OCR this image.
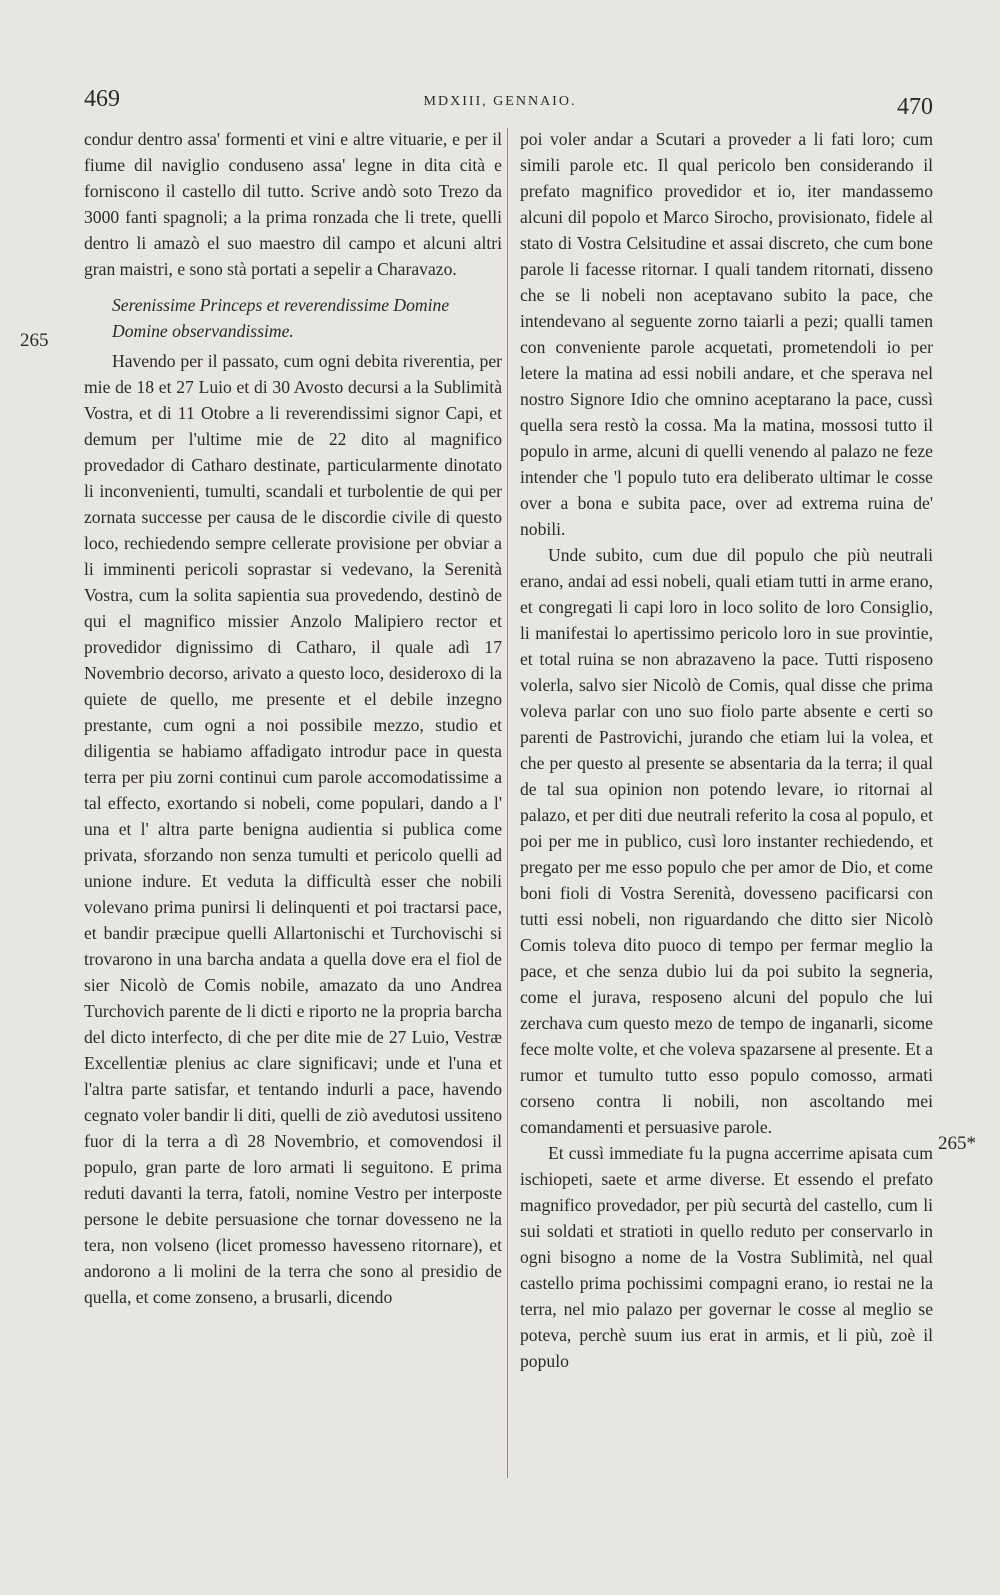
469	MDXIII, GENNAIO.	470
265
265*

condur dentro assa' formenti et vini e altre vituarie, e per il fiume dil naviglio conduseno assa' legne in dita cità e forniscono il castello dil tutto. Scrive andò soto Trezo da 3000 fanti spagnoli; a la prima ronzada che li trete, quelli dentro li amazò el suo maestro dil campo et alcuni altri gran maistri, e sono stà portati a sepelir a Charavazo.

Serenissime Princeps et reverendissime Domine Domine observandissime.

Havendo per il passato, cum ogni debita riverentia, per mie de 18 et 27 Luio et di 30 Avosto decursi a la Sublimità Vostra, et di 11 Otobre a li reverendissimi signor Capi, et demum per l'ultime mie de 22 dito al magnifico provedador di Catharo destinate, particularmente dinotato li inconvenienti, tumulti, scandali et turbolentie de qui per zornata successe per causa de le discordie civile di questo loco, rechiedendo sempre cellerate provisione per obviar a li imminenti pericoli soprastar si vedevano, la Serenità Vostra, cum la solita sapientia sua provedendo, destinò de qui el magnifico missier Anzolo Malipiero rector et provedidor dignissimo di Catharo, il quale adì 17 Novembrio decorso, arivato a questo loco, desideroxo di la quiete de quello, me presente et el debile inzegno prestante, cum ogni a noi possibile mezzo, studio et diligentia se habiamo affadigato introdur pace in questa terra per piu zorni continui cum parole accomodatissime a tal effecto, exortando si nobeli, come populari, dando a l' una et l' altra parte benigna audientia si publica come privata, sforzando non senza tumulti et pericolo quelli ad unione indure. Et veduta la difficultà esser che nobili volevano prima punirsi li delinquenti et poi tractarsi pace, et bandir præcipue quelli Allartonischi et Turchovischi si trovarono in una barcha andata a quella dove era el fiol de sier Nicolò de Comis nobile, amazato da uno Andrea Turchovich parente de li dicti e riporto ne la propria barcha del dicto interfecto, di che per dite mie de 27 Luio, Vestræ Excellentiæ plenius ac clare significavi; unde et l'una et l'altra parte satisfar, et tentando indurli a pace, havendo cegnato voler bandir li diti, quelli de ziò avedutosi ussiteno fuor di la terra a dì 28 Novembrio, et comovendosi il populo, gran parte de loro armati li seguitono. E prima reduti davanti la terra, fatoli, nomine Vestro per interposte persone le debite persuasione che tornar dovesseno ne la tera, non volseno (licet promesso havesseno ritornare), et andorono a li molini de la terra che sono al presidio de quella, et come zonseno, a brusarli, dicendo

poi voler andar a Scutari a proveder a li fati loro; cum simili parole etc. Il qual pericolo ben considerando il prefato magnifico provedidor et io, iter mandassemo alcuni dil popolo et Marco Sirocho, provisionato, fidele al stato di Vostra Celsitudine et assai discreto, che cum bone parole li facesse ritornar. I quali tandem ritornati, disseno che se li nobeli non aceptavano subito la pace, che intendevano al seguente zorno taiarli a pezi; qualli tamen con conveniente parole acquetati, prometendoli io per letere la matina ad essi nobili andare, et che sperava nel nostro Signore Idio che omnino aceptarano la pace, cussì quella sera restò la cossa. Ma la matina, mossosi tutto il populo in arme, alcuni di quelli venendo al palazo ne feze intender che 'l populo tuto era deliberato ultimar le cosse over a bona e subita pace, over ad extrema ruina de' nobili.

Unde subito, cum due dil populo che più neutrali erano, andai ad essi nobeli, quali etiam tutti in arme erano, et congregati li capi loro in loco solito de loro Consiglio, li manifestai lo apertissimo pericolo loro in sue provintie, et total ruina se non abrazaveno la pace. Tutti risposeno volerla, salvo sier Nicolò de Comis, qual disse che prima voleva parlar con uno suo fiolo parte absente e certi so parenti de Pastrovichi, jurando che etiam lui la volea, et che per questo al presente se absentaria da la terra; il qual de tal sua opinion non potendo levare, io ritornai al palazo, et per diti due neutrali referito la cosa al populo, et poi per me in publico, cusì loro instanter rechiedendo, et pregato per me esso populo che per amor de Dio, et come boni fioli di Vostra Serenità, dovesseno pacificarsi con tutti essi nobeli, non riguardando che ditto sier Nicolò Comis toleva dito puoco di tempo per fermar meglio la pace, et che senza dubio lui da poi subito la segneria, come el jurava, resposeno alcuni del populo che lui zerchava cum questo mezo de tempo de inganarli, sicome fece molte volte, et che voleva spazarsene al presente. Et a rumor et tumulto tutto esso populo comosso, armati corseno contra li nobili, non ascoltando mei comandamenti et persuasive parole.

Et cussì immediate fu la pugna accerrime apisata cum ischiopeti, saete et arme diverse. Et essendo el prefato magnifico provedador, per più securtà del castello, cum li sui soldati et stratioti in quello reduto per conservarlo in ogni bisogno a nome de la Vostra Sublimità, nel qual castello prima pochissimi compagni erano, io restai ne la terra, nel mio palazo per governar le cosse al meglio se poteva, perchè suum ius erat in armis, et li più, zoè il populo
